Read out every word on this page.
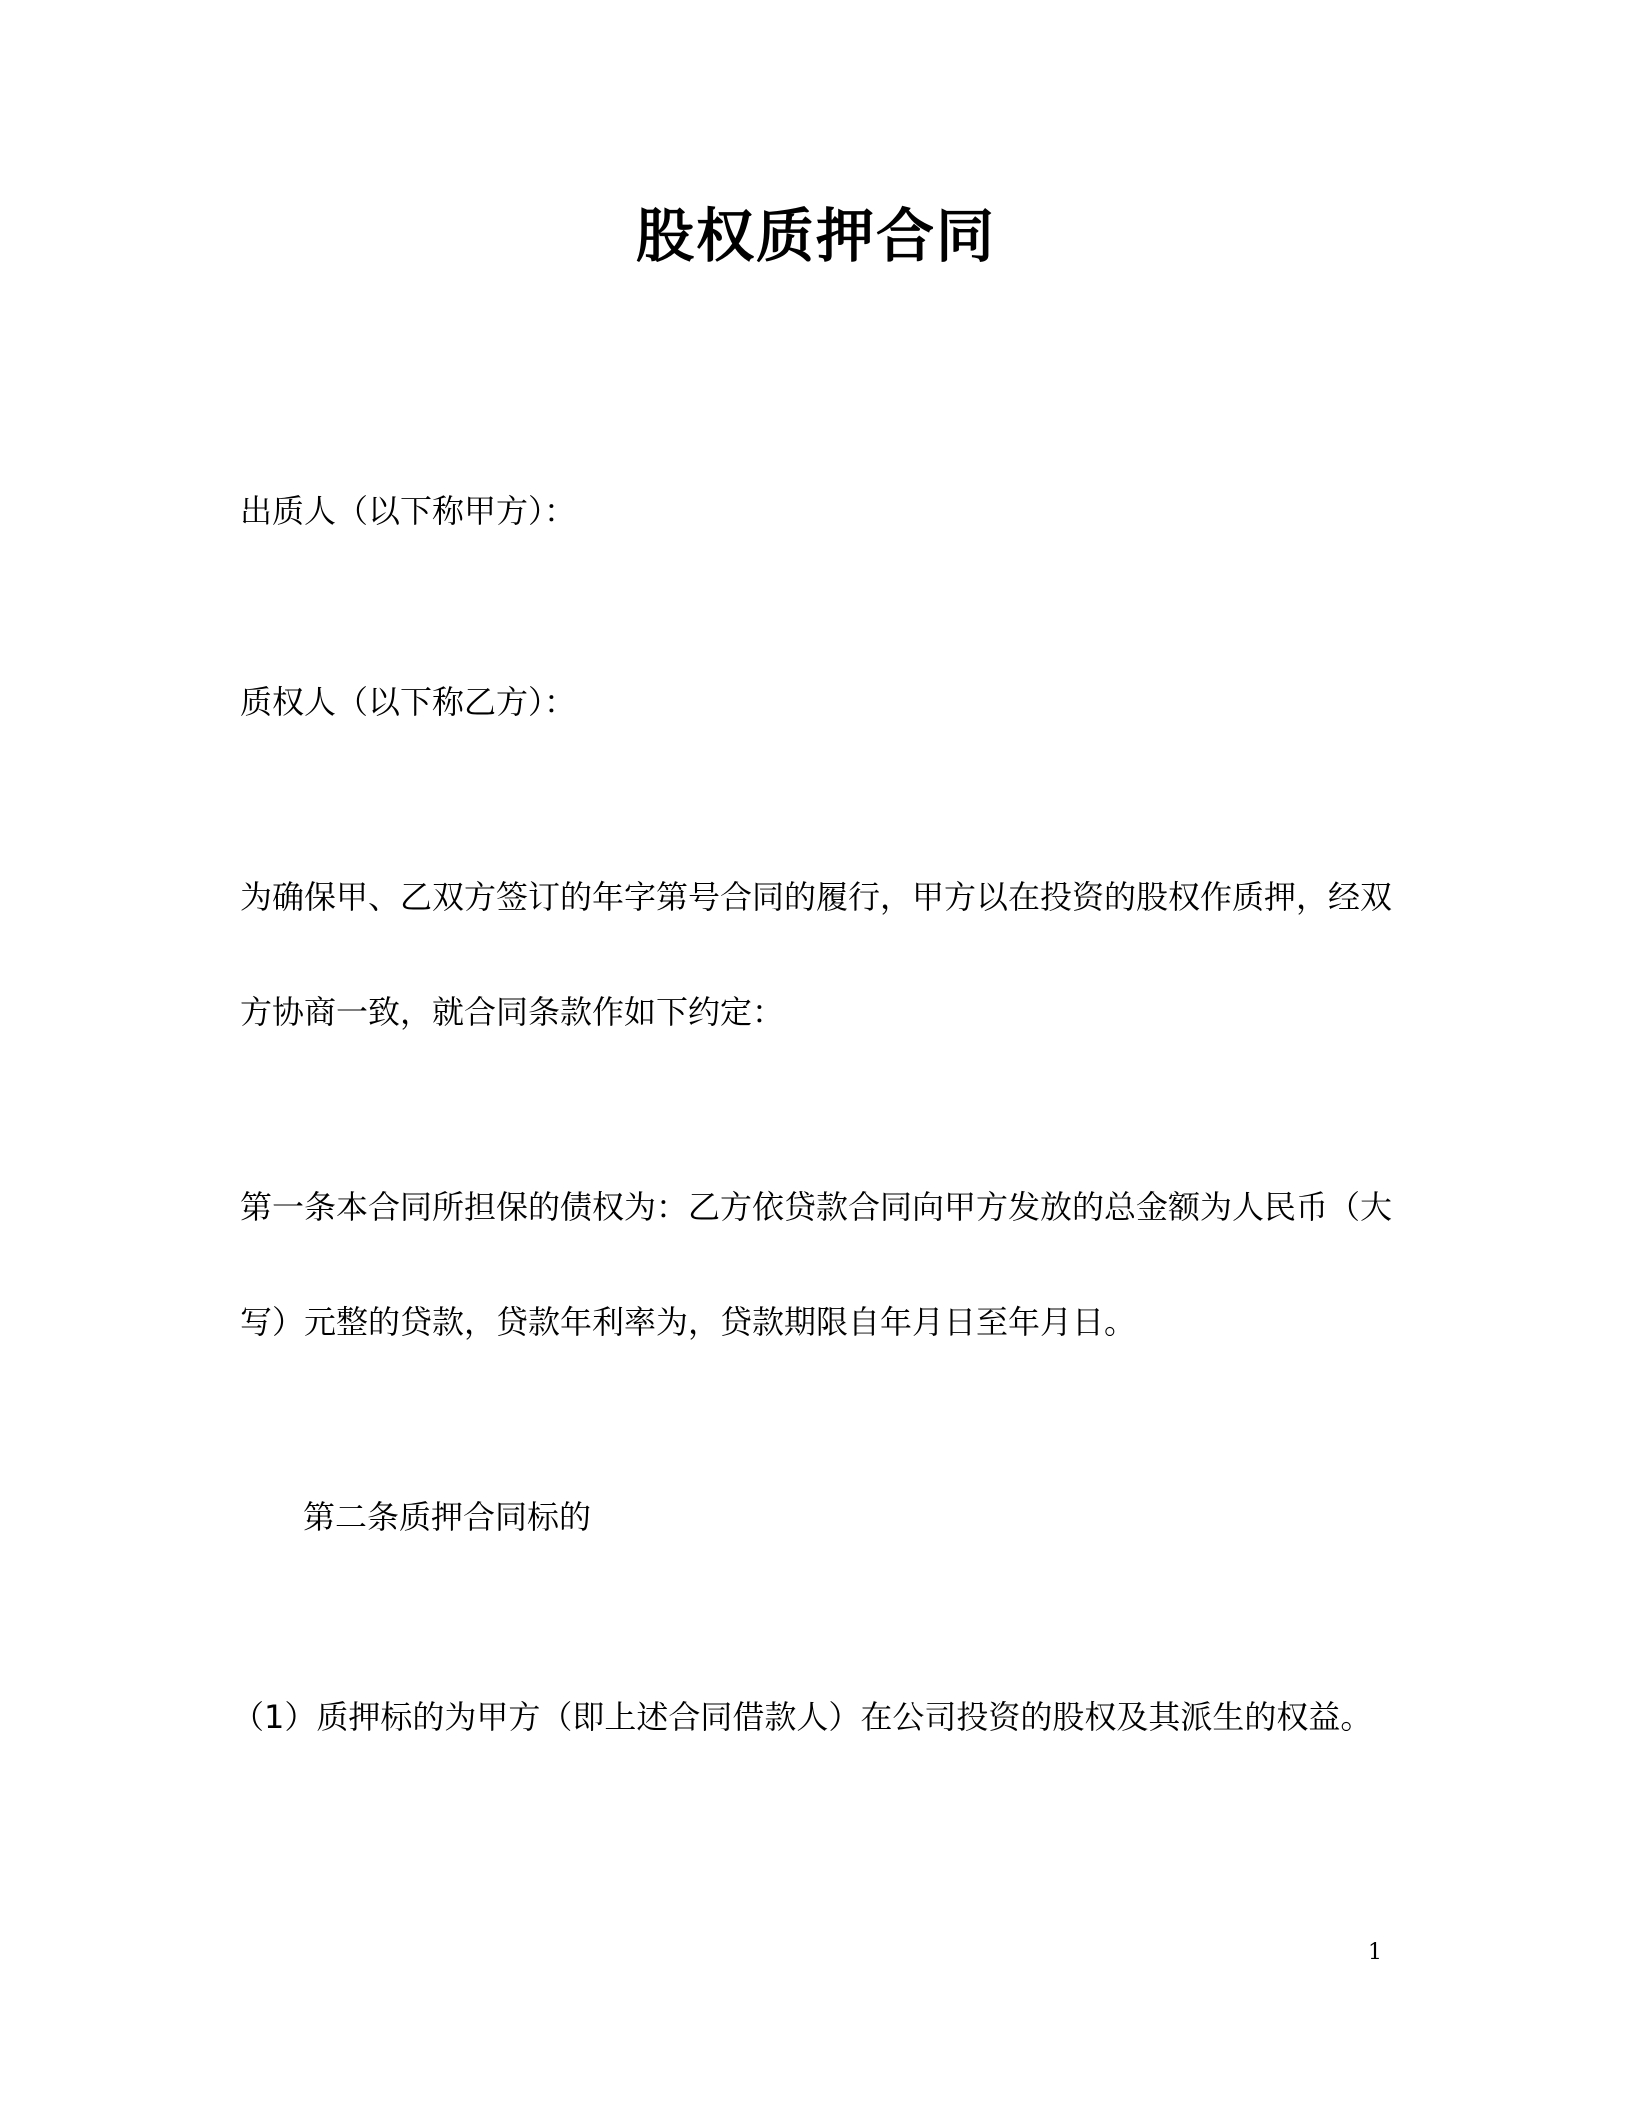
股权质押合同
出质人（以下称甲方）：
质权人（以下称乙方）：
为确保甲、乙双方签订的年字第号合同的履行，甲方以在投资的股权作质押，经双
方协商一致，就合同条款作如下约定：
第一条本合同所担保的债权为：乙方依贷款合同向甲方发放的总金额为人民币（大
写）元整的贷款，贷款年利率为，贷款期限自年月日至年月日。
第二条质押合同标的
（1）质押标的为甲方（即上述合同借款人）在公司投资的股权及其派生的权益。
1
